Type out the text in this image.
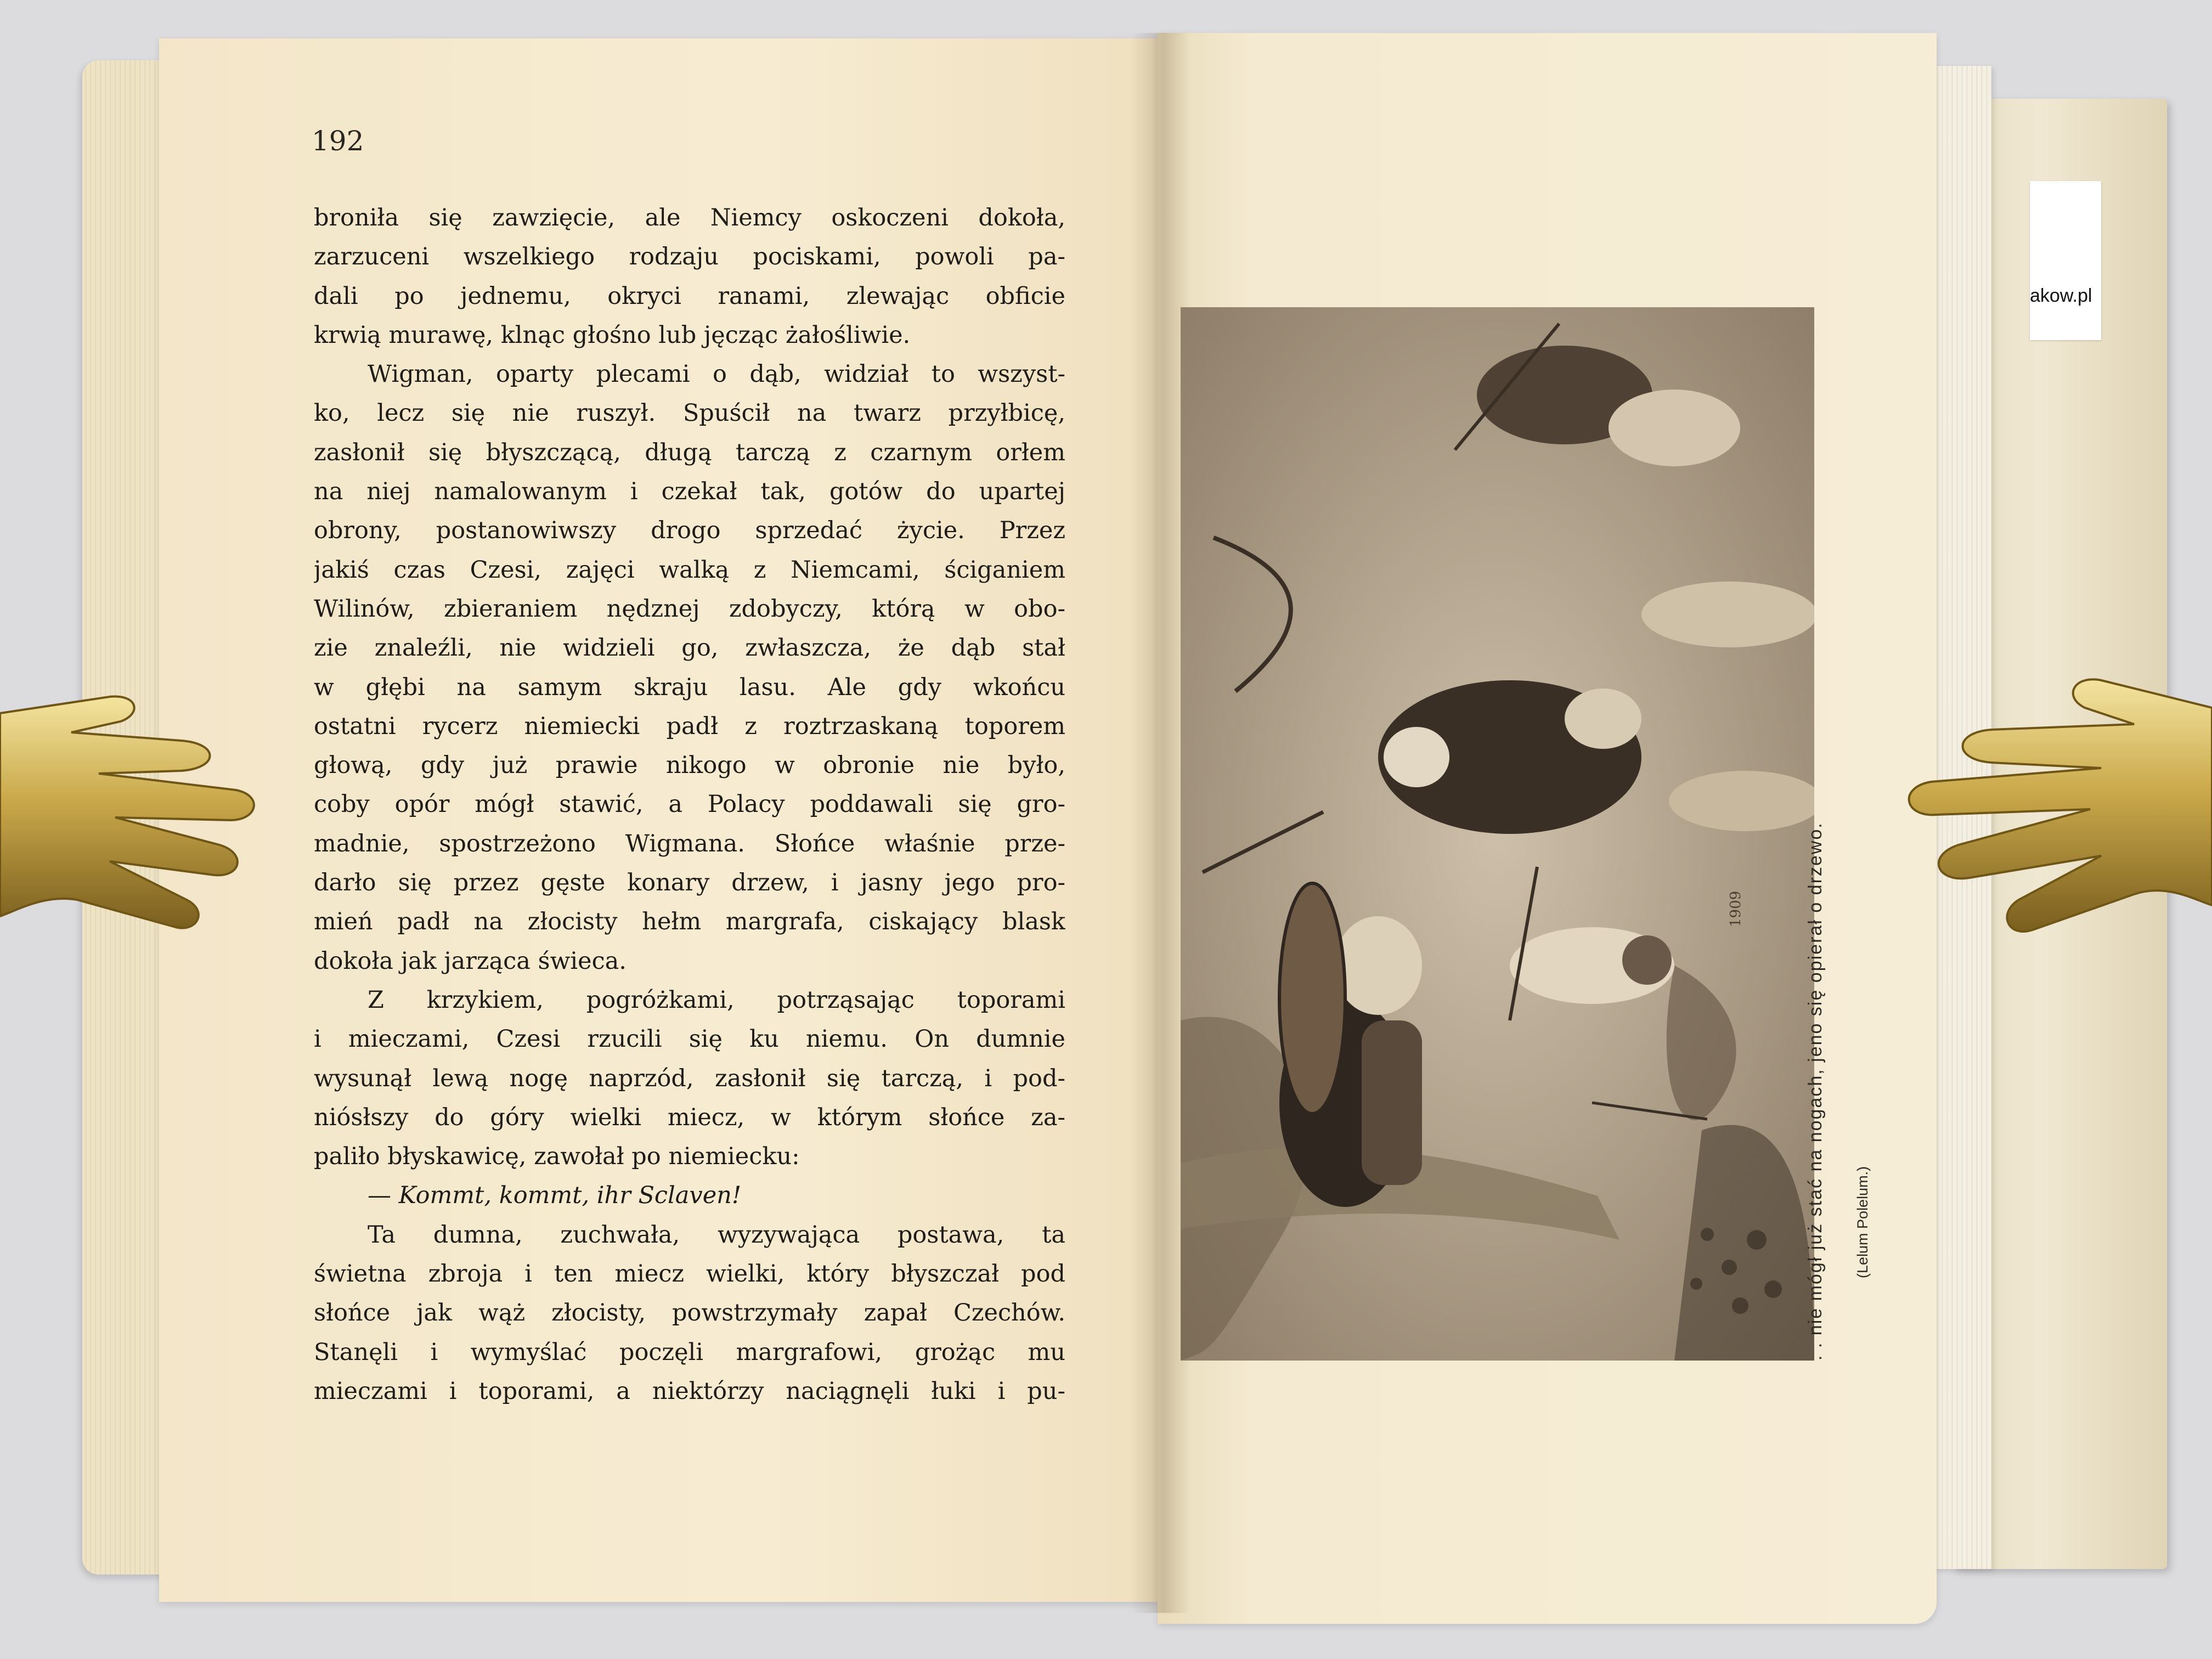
akow.pl
192
broniła się zawzięcie, ale Niemcy oskoczeni dokoła,
zarzuceni wszelkiego rodzaju pociskami, powoli pa-
dali po jednemu, okryci ranami, zlewając obficie
krwią murawę, klnąc głośno lub jęcząc żałośliwie.
Wigman, oparty plecami o dąb, widział to wszyst-
ko, lecz się nie ruszył. Spuścił na twarz przyłbicę,
zasłonił się błyszczącą, długą tarczą z czarnym orłem
na niej namalowanym i czekał tak, gotów do upartej
obrony, postanowiwszy drogo sprzedać życie. Przez
jakiś czas Czesi, zajęci walką z Niemcami, ściganiem
Wilinów, zbieraniem nędznej zdobyczy, którą w obo-
zie znaleźli, nie widzieli go, zwłaszcza, że dąb stał
w głębi na samym skraju lasu. Ale gdy wkońcu
ostatni rycerz niemiecki padł z roztrzaskaną toporem
głową, gdy już prawie nikogo w obronie nie było,
coby opór mógł stawić, a Polacy poddawali się gro-
madnie, spostrzeżono Wigmana. Słońce właśnie prze-
darło się przez gęste konary drzew, i jasny jego pro-
mień padł na złocisty hełm margrafa, ciskający blask
dokoła jak jarząca świeca.
Z krzykiem, pogróżkami, potrząsając toporami
i mieczami, Czesi rzucili się ku niemu. On dumnie
wysunął lewą nogę naprzód, zasłonił się tarczą, i pod-
niósłszy do góry wielki miecz, w którym słońce za-
paliło błyskawicę, zawołał po niemiecku:
— Kommt, kommt, ihr Sclaven!
Ta dumna, zuchwała, wyzywająca postawa, ta
świetna zbroja i ten miecz wielki, który błyszczał pod
słońce jak wąż złocisty, powstrzymały zapał Czechów.
Stanęli i wymyślać poczęli margrafowi, grożąc mu
mieczami i toporami, a niektórzy naciągnęli łuki i pu-
1909	. . nie mógł już stać na nogach, jeno się opierał o drzewo. (Lelum Polelum.)
